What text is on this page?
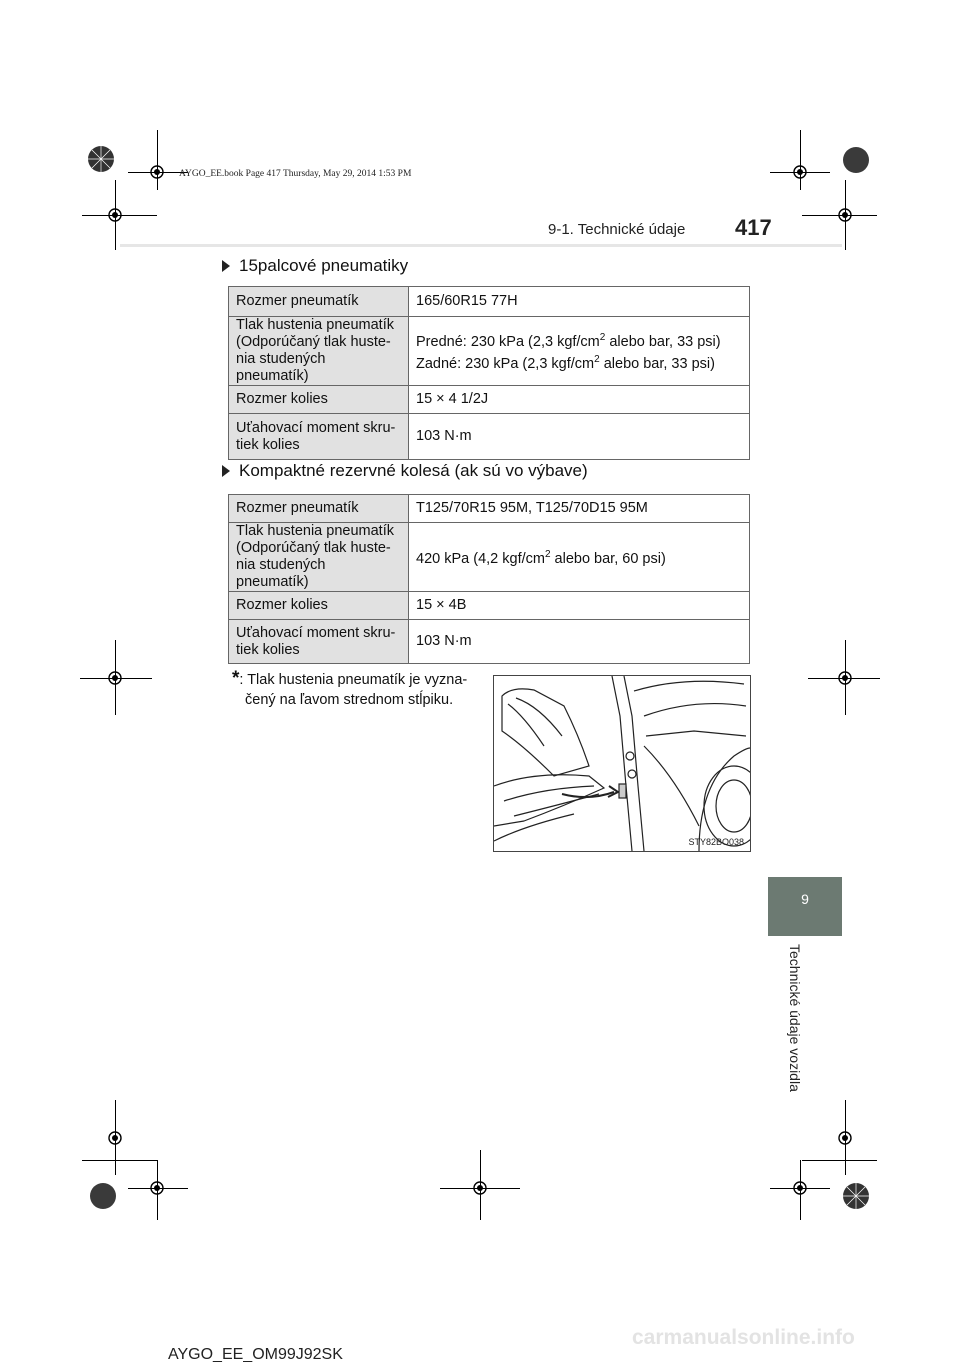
AYGO_EE.book Page 417 Thursday, May 29, 2014 1:53 PM
9-1. Technické údaje 417
9
Technické údaje vozidla
15palcové pneumatiky
Rozmer pneumatík	165/60R15 77H
Tlak hustenia pneumatík
(Odporúčaný tlak huste-
nia studených pneumatík)	Predné: 230 kPa (2,3 kgf/$cm^2$ alebo bar, 33 psi)
Zadné: 230 kPa (2,3 kgf/$cm^2$ alebo bar, 33 psi)
Rozmer kolies	15 × 4 1/2J
Uťahovací moment skru-
tiek kolies	103 N·m
Kompaktné rezervné kolesá (ak sú vo výbave)
Rozmer pneumatík	T125/70R15 95M, T125/70D15 95M
Tlak hustenia pneumatík
(Odporúčaný tlak huste-
nia studených pneumatík)	420 kPa (4,2 kgf/$cm^2$ alebo bar, 60 psi)
Rozmer kolies	15 × 4B
Uťahovací moment skru-
tiek kolies	103 N·m
*: Tlak hustenia pneumatík je vyzna-
čený na ľavom strednom stĺpiku.
STY82BO038
AYGO_EE_OM99J92SK
carmanualsonline.info
